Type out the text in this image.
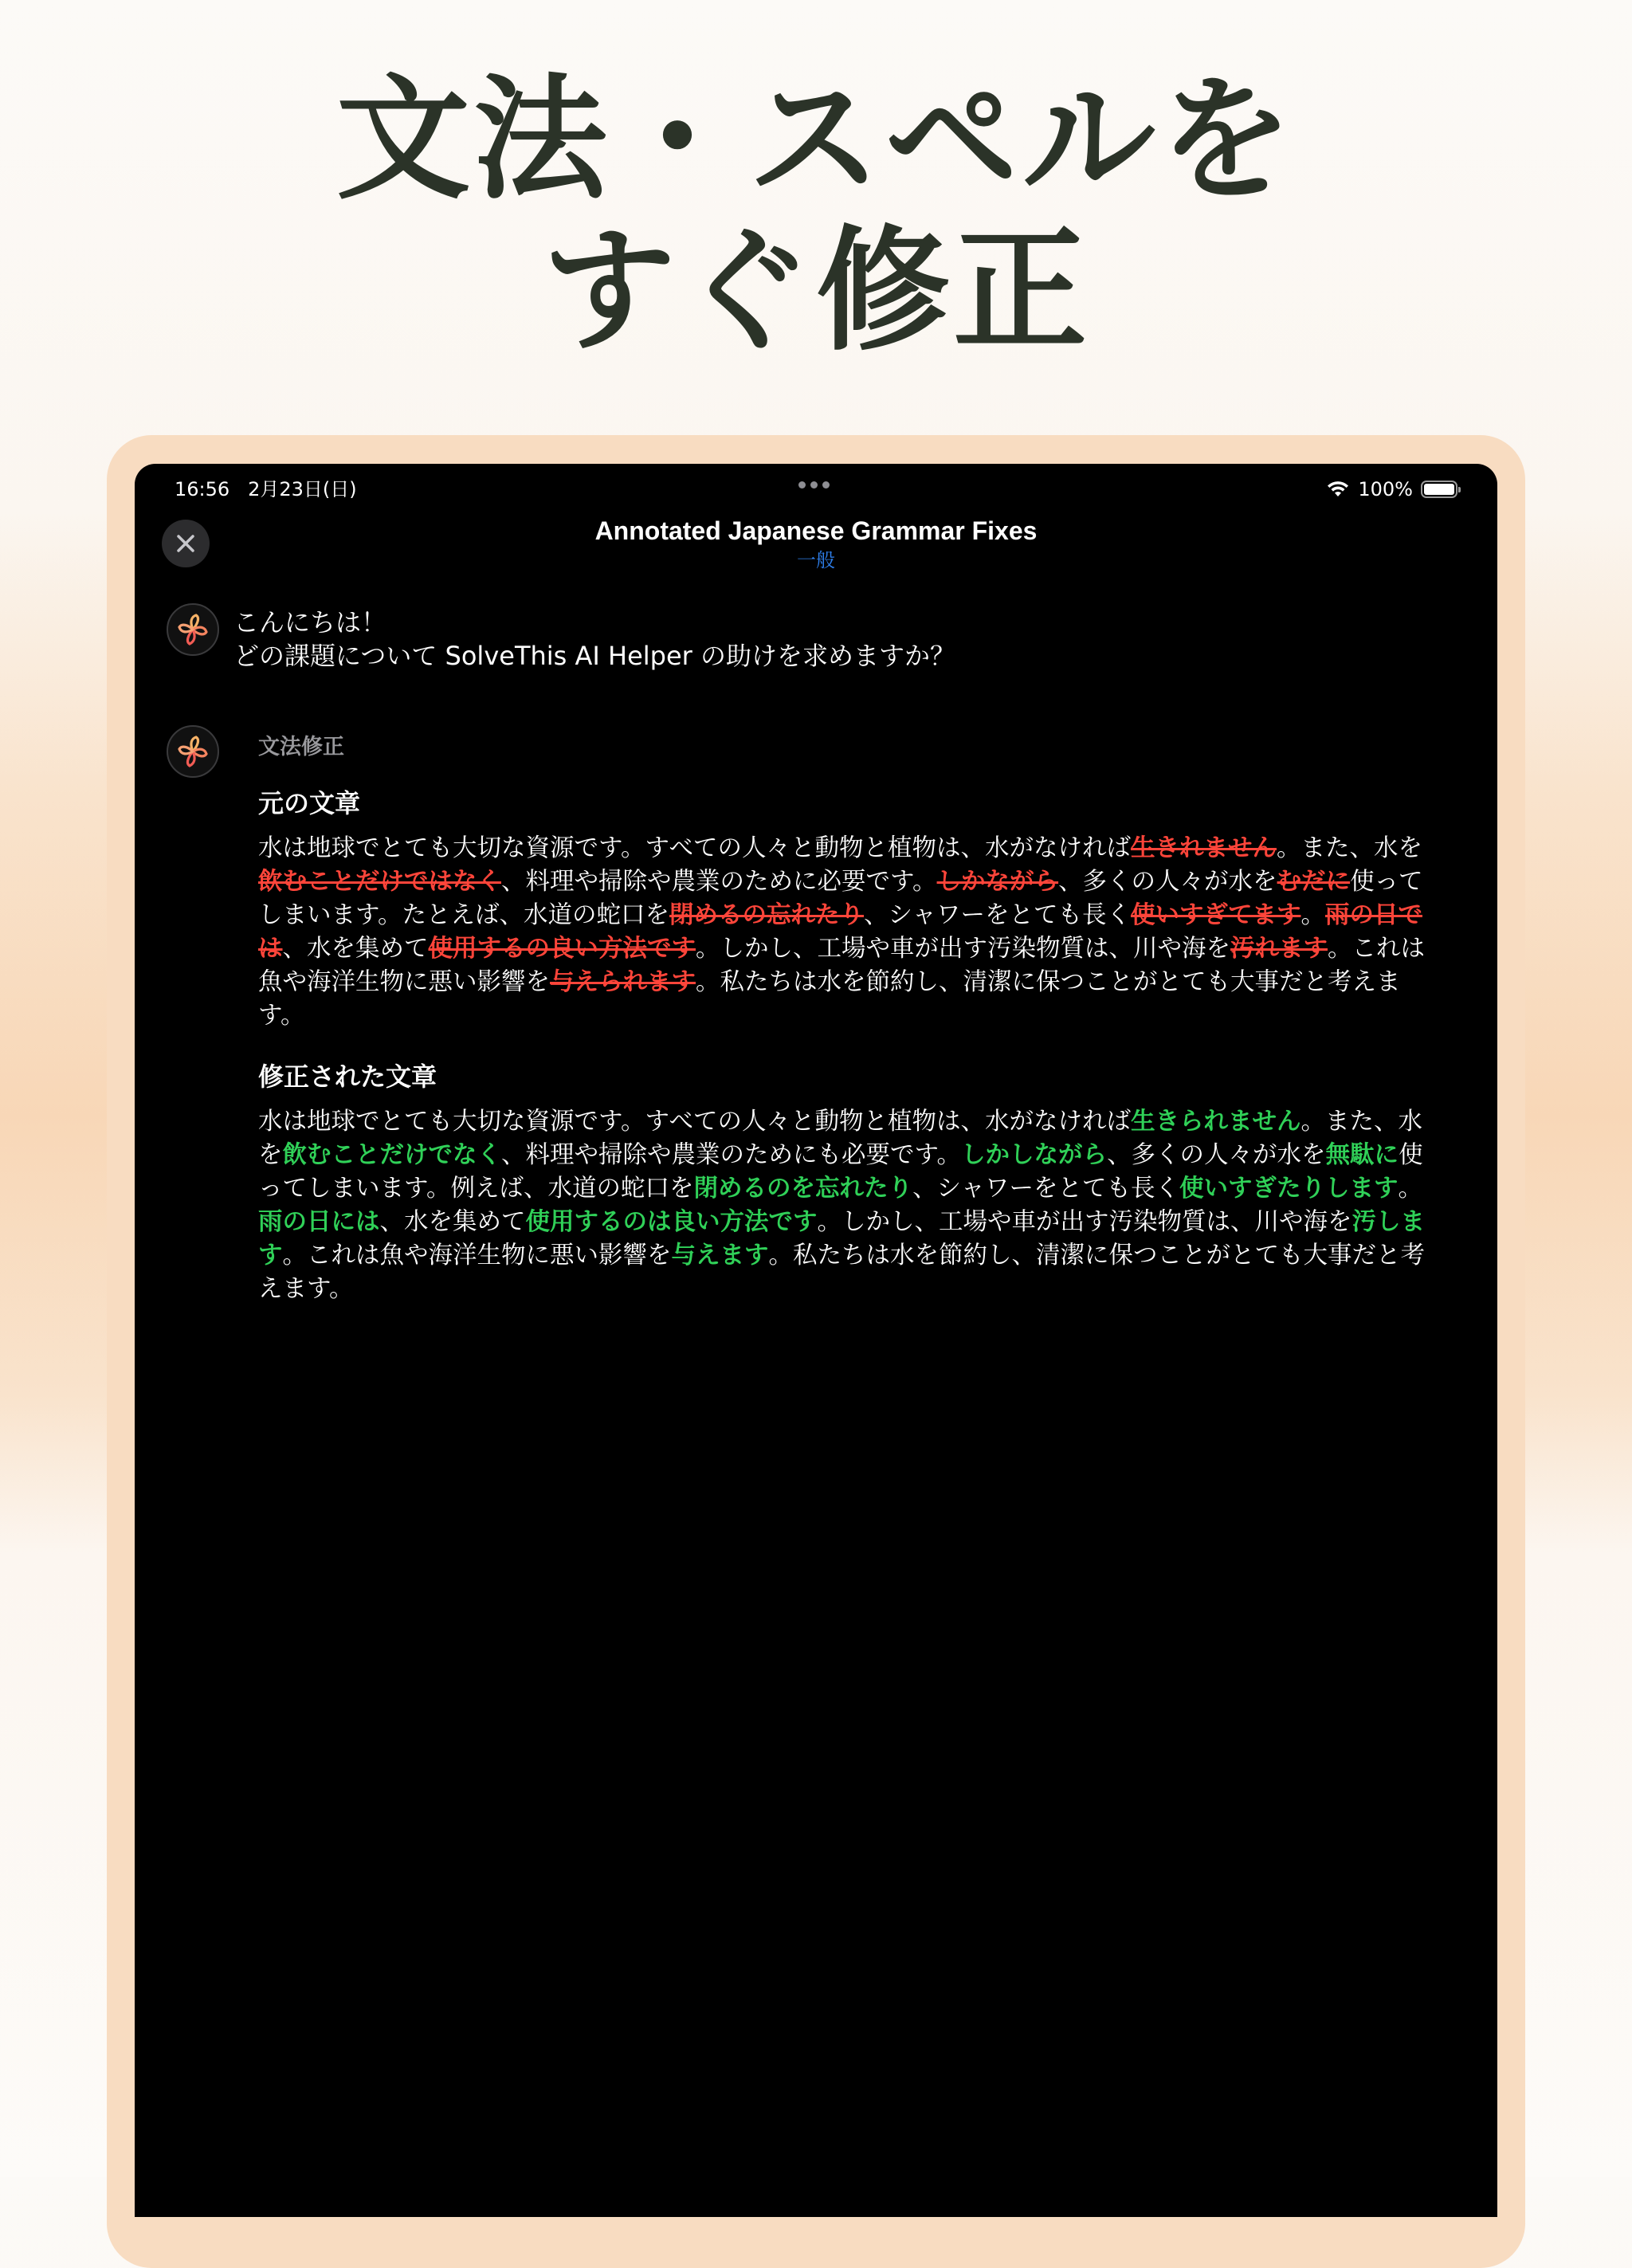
文法・スペルを
すぐ修正
16:56 2月23日(日)	100%
Annotated Japanese Grammar Fixes
一般
こんにちは！
どの課題について SolveThis AI Helper の助けを求めますか？
文法修正
元の文章
水は地球でとても大切な資源です。すべての人々と動物と植物は、水がなければ生きれません。また、水を飲むことだけではなく、料理や掃除や農業のために必要です。しかながら、多くの人々が水をむだに使ってしまいます。たとえば、水道の蛇口を閉めるの忘れたり、シャワーをとても長く使いすぎてます。雨の日では、水を集めて使用するの良い方法です。しかし、工場や車が出す汚染物質は、川や海を汚れます。これは魚や海洋生物に悪い影響を与えられます。私たちは水を節約し、清潔に保つことがとても大事だと考えます。
修正された文章
水は地球でとても大切な資源です。すべての人々と動物と植物は、水がなければ生きられません。また、水を飲むことだけでなく、料理や掃除や農業のためにも必要です。しかしながら、多くの人々が水を無駄に使ってしまいます。例えば、水道の蛇口を閉めるのを忘れたり、シャワーをとても長く使いすぎたりします。雨の日には、水を集めて使用するのは良い方法です。しかし、工場や車が出す汚染物質は、川や海を汚します。これは魚や海洋生物に悪い影響を与えます。私たちは水を節約し、清潔に保つことがとても大事だと考えます。
